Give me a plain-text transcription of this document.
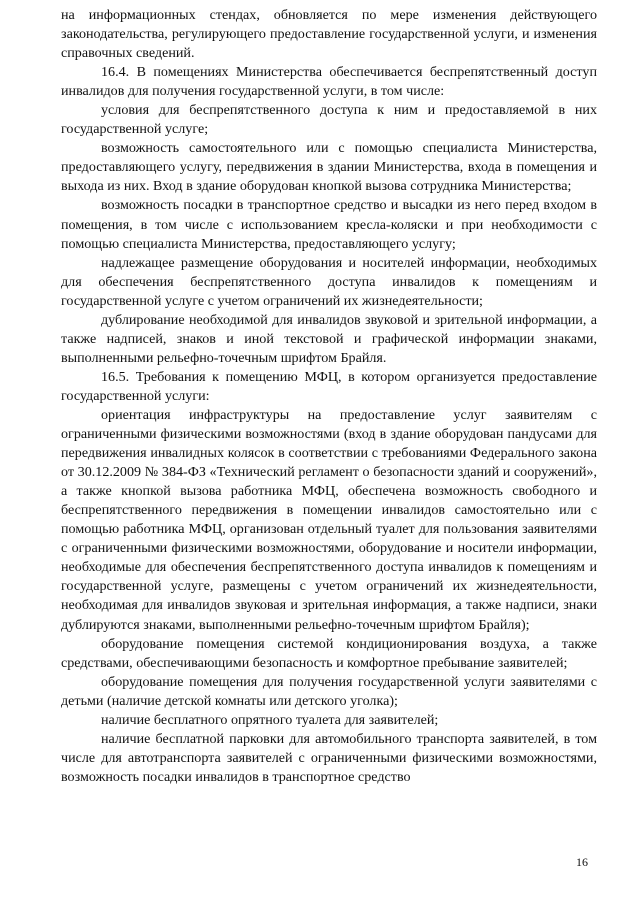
на информационных стендах, обновляется по мере изменения действующего законодательства, регулирующего предоставление государственной услуги, и изменения справочных сведений.

16.4. В помещениях Министерства обеспечивается беспрепятственный доступ инвалидов для получения государственной услуги, в том числе:

условия для беспрепятственного доступа к ним и предоставляемой в них государственной услуге;

возможность самостоятельного или с помощью специалиста Министерства, предоставляющего услугу, передвижения в здании Министерства, входа в помещения и выхода из них. Вход в здание оборудован кнопкой вызова сотрудника Министерства;

возможность посадки в транспортное средство и высадки из него перед входом в помещения, в том числе с использованием кресла-коляски и при необходимости с помощью специалиста Министерства, предоставляющего услугу;

надлежащее размещение оборудования и носителей информации, необходимых для обеспечения беспрепятственного доступа инвалидов к помещениям и государственной услуге с учетом ограничений их жизнедеятельности;

дублирование необходимой для инвалидов звуковой и зрительной информации, а также надписей, знаков и иной текстовой и графической информации знаками, выполненными рельефно-точечным шрифтом Брайля.

16.5. Требования к помещению МФЦ, в котором организуется предоставление государственной услуги:

ориентация инфраструктуры на предоставление услуг заявителям с ограниченными физическими возможностями (вход в здание оборудован пандусами для передвижения инвалидных колясок в соответствии с требованиями Федерального закона от 30.12.2009 № 384-ФЗ «Технический регламент о безопасности зданий и сооружений», а также кнопкой вызова работника МФЦ, обеспечена возможность свободного и беспрепятственного передвижения в помещении инвалидов самостоятельно или с помощью работника МФЦ, организован отдельный туалет для пользования заявителями с ограниченными физическими возможностями, оборудование и носители информации, необходимые для обеспечения беспрепятственного доступа инвалидов к помещениям и государственной услуге, размещены с учетом ограничений их жизнедеятельности, необходимая для инвалидов звуковая и зрительная информация, а также надписи, знаки дублируются знаками, выполненными рельефно-точечным шрифтом Брайля);

оборудование помещения системой кондиционирования воздуха, а также средствами, обеспечивающими безопасность и комфортное пребывание заявителей;

оборудование помещения для получения государственной услуги заявителями с детьми (наличие детской комнаты или детского уголка);

наличие бесплатного опрятного туалета для заявителей;

наличие бесплатной парковки для автомобильного транспорта заявителей, в том числе для автотранспорта заявителей с ограниченными физическими возможностями, возможность посадки инвалидов в транспортное средство

16
